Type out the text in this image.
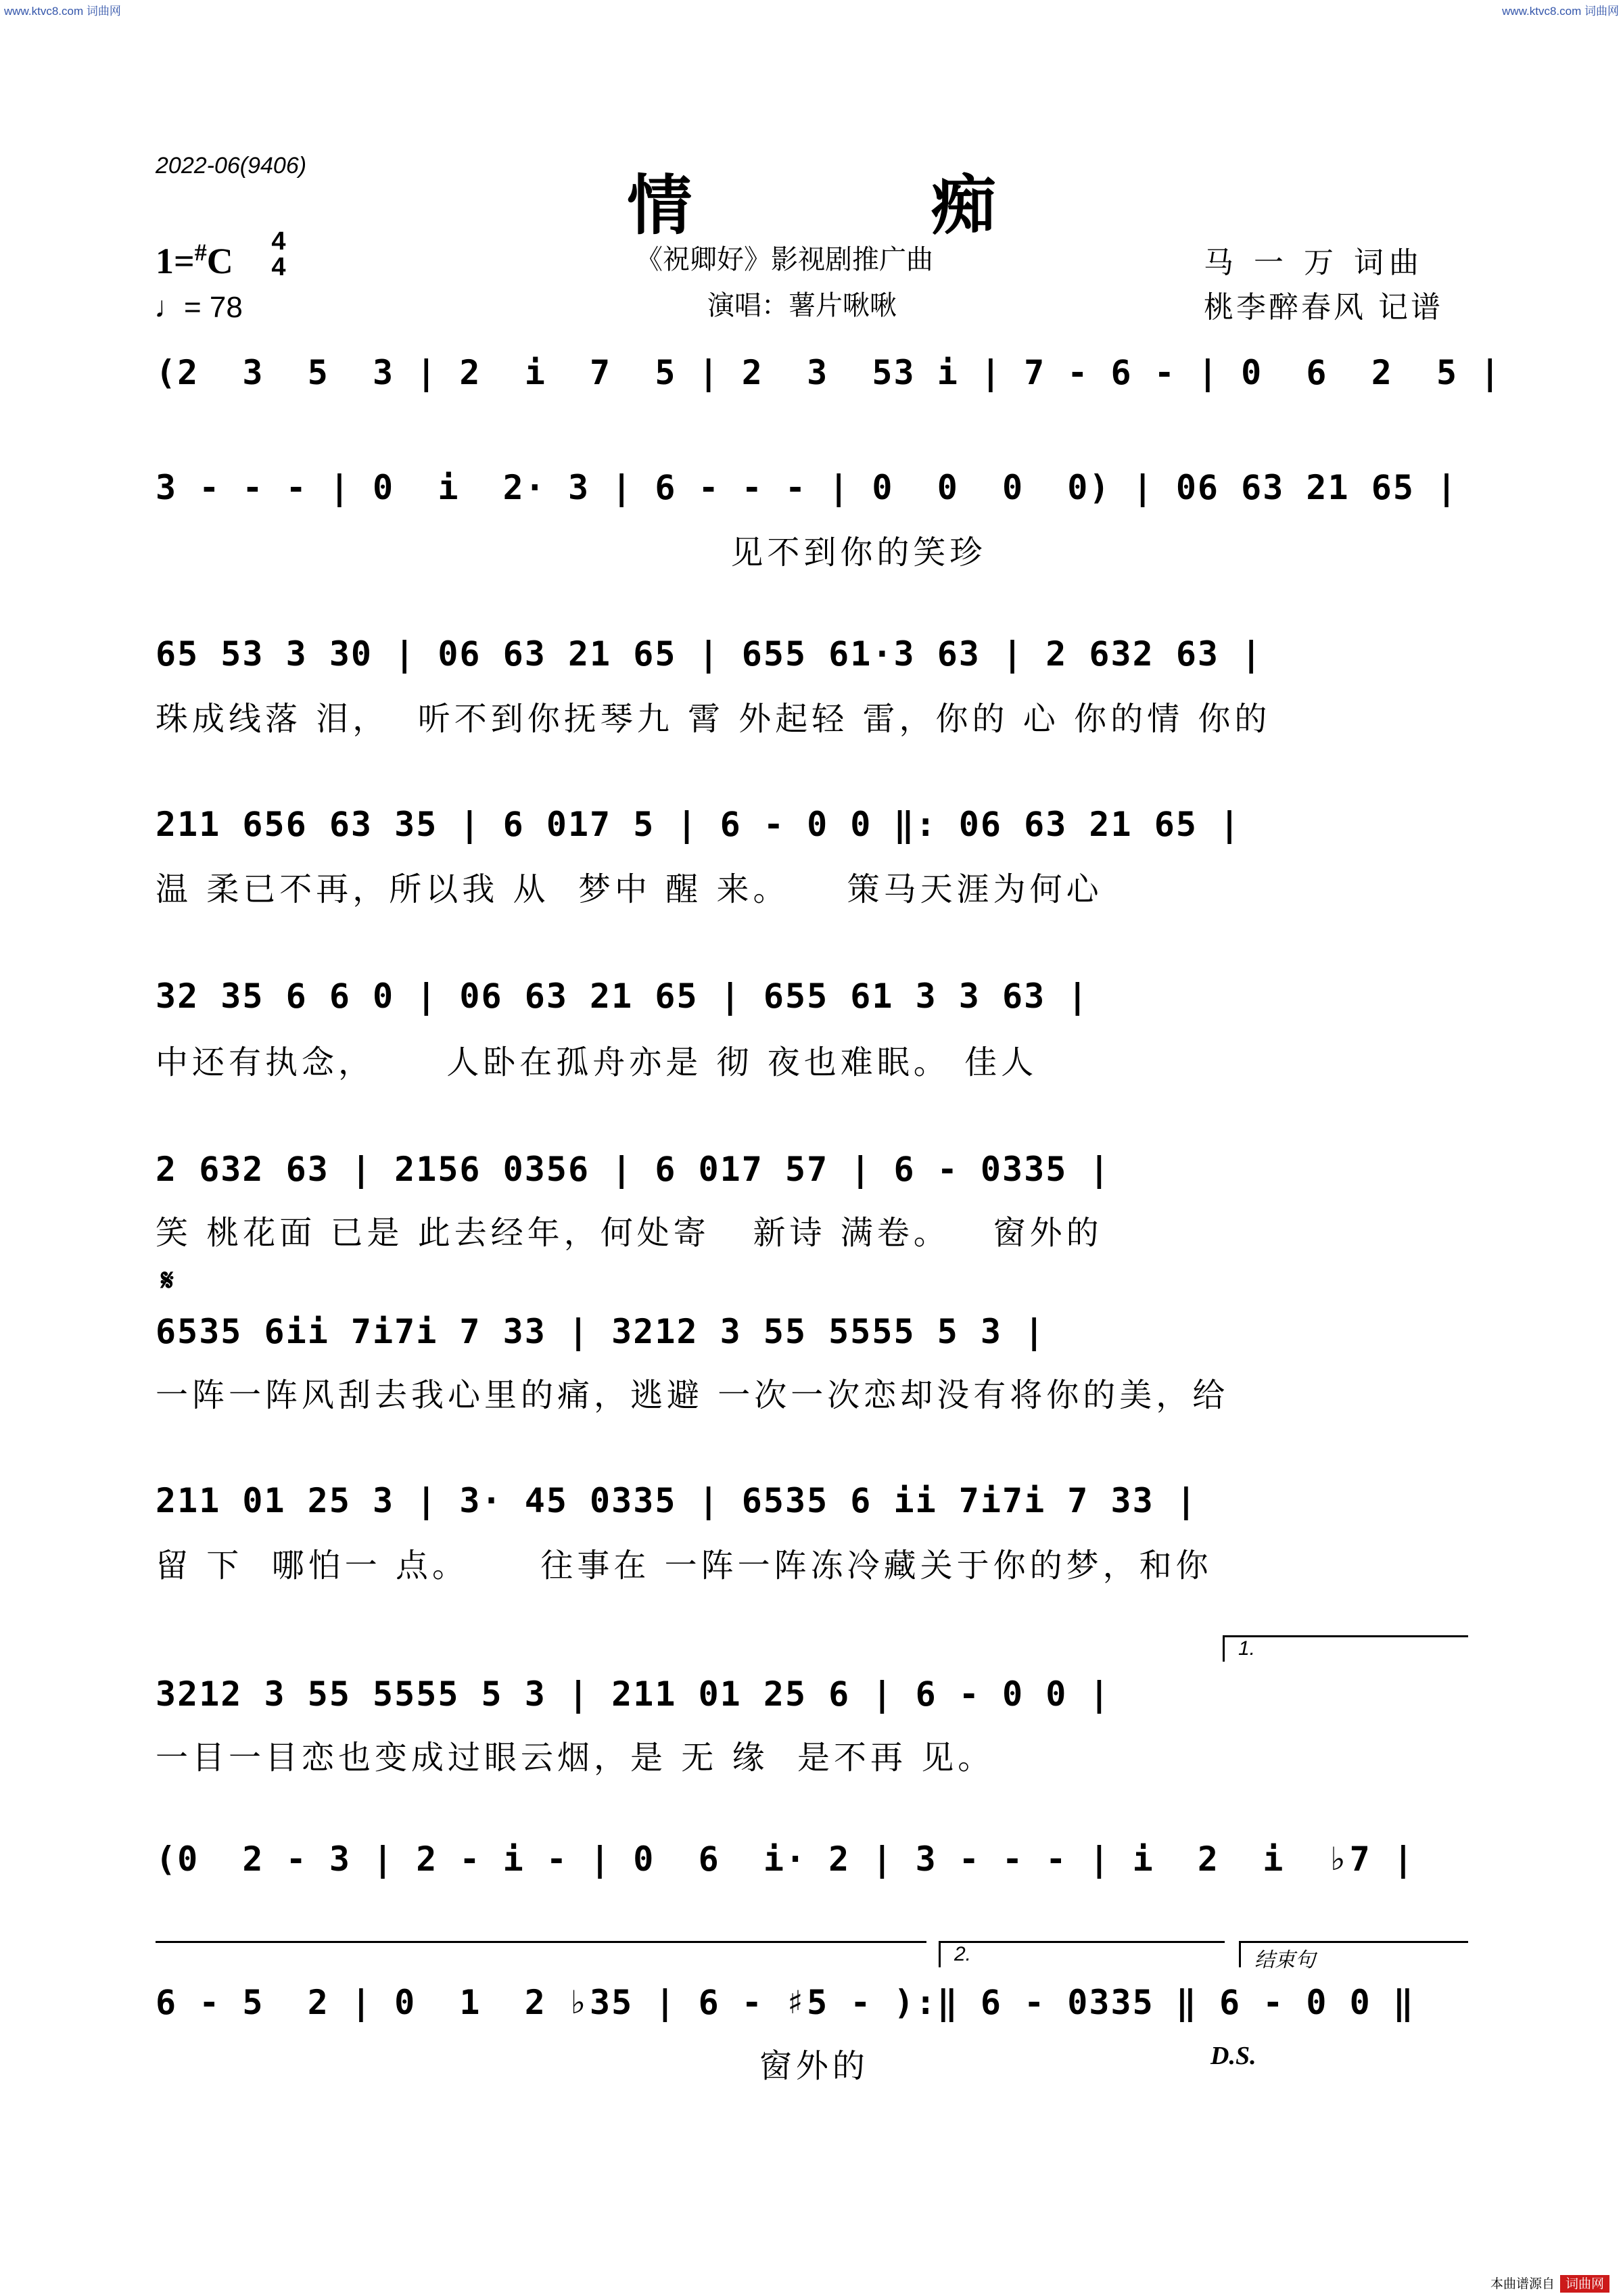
www.ktvc8.com 词曲网	www.ktvc8.com 词曲网
2022-06(9406)
情 痴
1=#C 4
4
♩= 78
《祝卿好》影视剧推广曲
演唱：薯片啾啾
马 一 万 词曲
桃李醉春风 记谱
(2  3  5  3 | 2  i  7  5 | 2  3  53 i | 7 - 6 - | 0  6  2  5 |
3 - - - | 0  i  2· 3 | 6 - - - | 0  0  0  0) | 06 63 21 65 |
见不到你的笑珍
65 53 3 30 | 06 63 21 65 | 655 61·3 63 | 2 632 63 |
珠成线落 泪，  听不到你抚琴九 霄 外起轻 雷，你的 心 你的情 你的
211 656 63 35 | 6 017 5 | 6 - 0 0 ‖: 06 63 21 65 |
温 柔已不再，所以我 从  梦中 醒 来。    策马天涯为何心
32 35 6 6 0 | 06 63 21 65 | 655 61 3 3 63 |
中还有执念，     人卧在孤舟亦是 彻 夜也难眠。 佳人
2 632 63 | 2156 0356 | 6 017 57 | 6 - 0335 |
笑 桃花面 已是 此去经年，何处寄   新诗 满卷。   窗外的
𝄋
6535 6ii 7i7i 7 33 | 3212 3 55 5555 5 3 |
一阵一阵风刮去我心里的痛，逃避 一次一次恋却没有将你的美，给
211 01 25 3 | 3· 45 0335 | 6535 6 ii 7i7i 7 33 |
留 下  哪怕一 点。     往事在 一阵一阵冻冷藏关于你的梦，和你
1.
3212 3 55 5555 5 3 | 211 01 25 6 | 6 - 0 0 |
一目一目恋也变成过眼云烟，是 无 缘  是不再 见。
(0  2 - 3 | 2 - i - | 0  6  i· 2 | 3 - - - | i  2  i  ♭7 |
2.	结束句
6 - 5  2 | 0  1  2 ♭35 | 6 - ♯5 - ):‖ 6 - 0335 ‖ 6 - 0 0 ‖
窗外的	D.S.
本曲谱源自 词曲网
